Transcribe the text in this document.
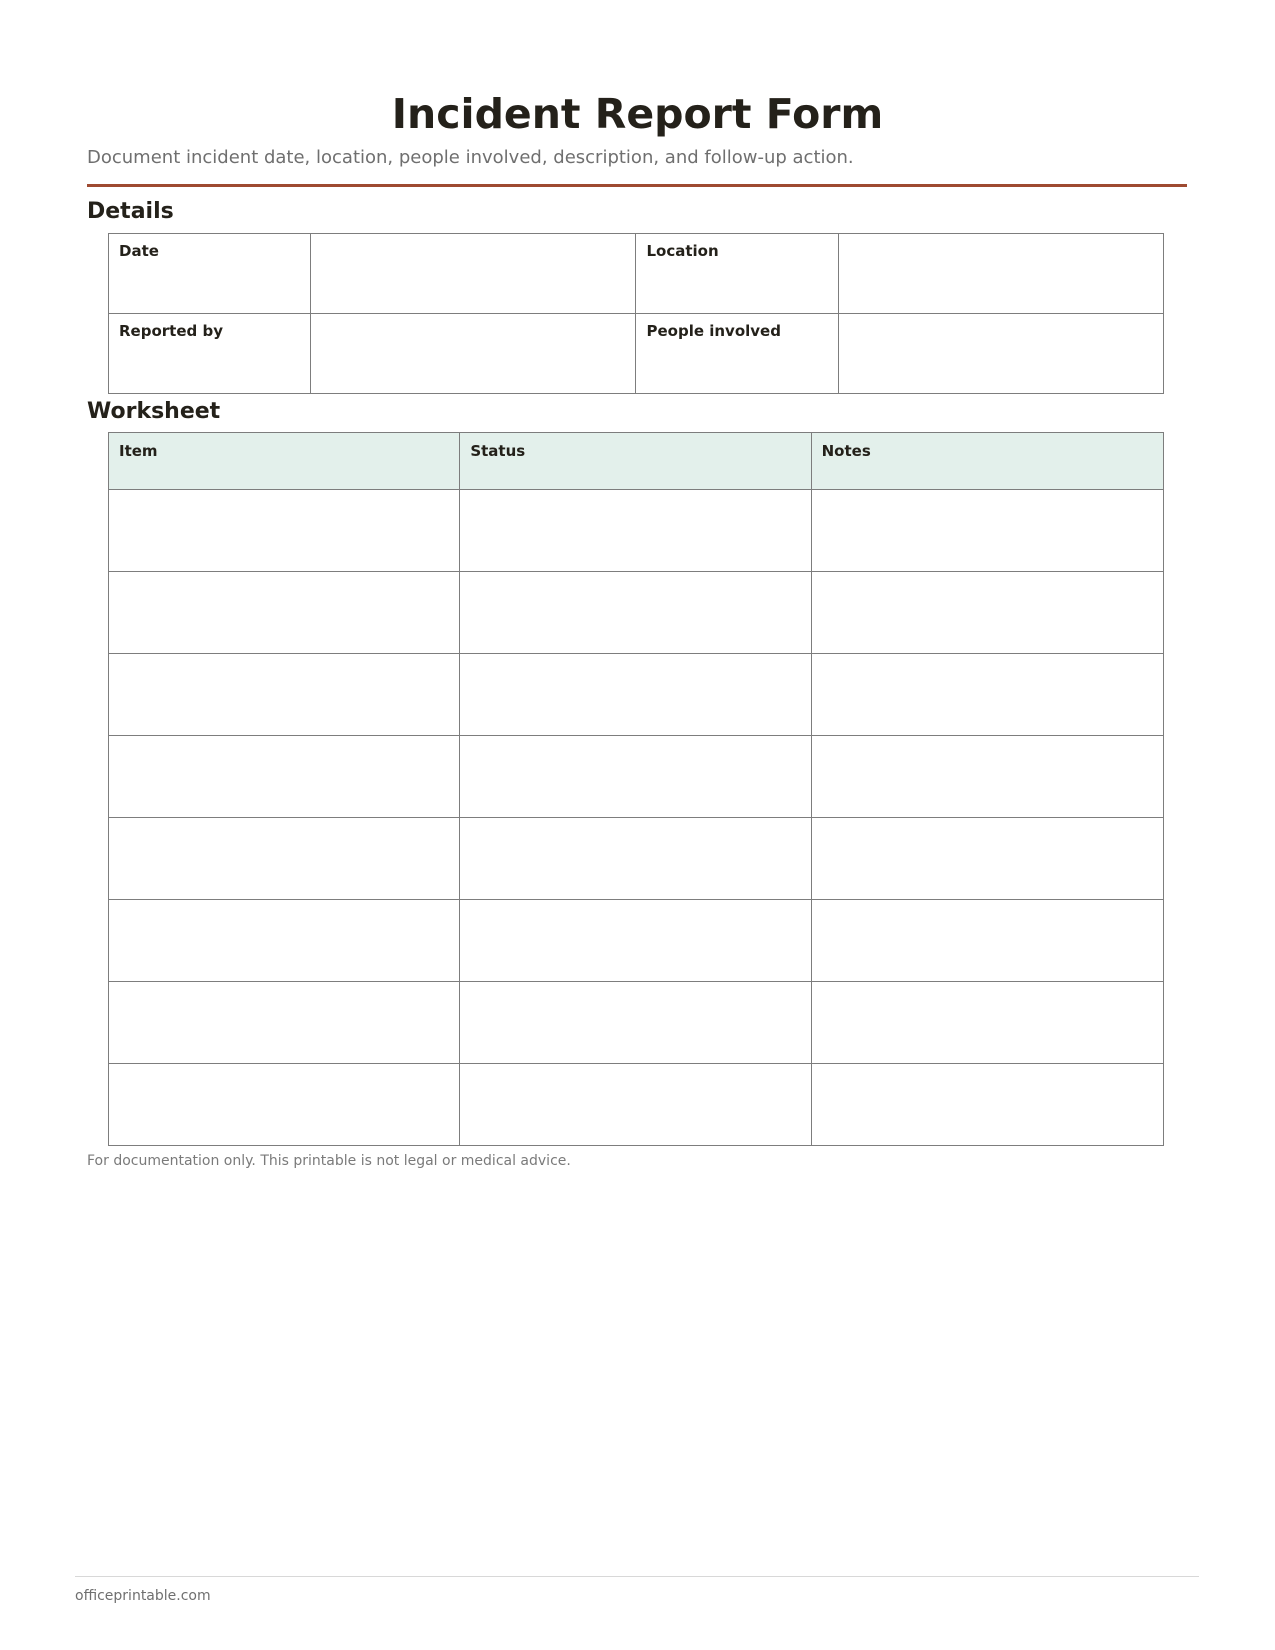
Incident Report Form

Document incident date, location, people involved, description, and follow-up action.

Details
Date		Location	
Reported by		People involved	
Worksheet
Item	Status	Notes

For documentation only. This printable is not legal or medical advice.

officeprintable.com
